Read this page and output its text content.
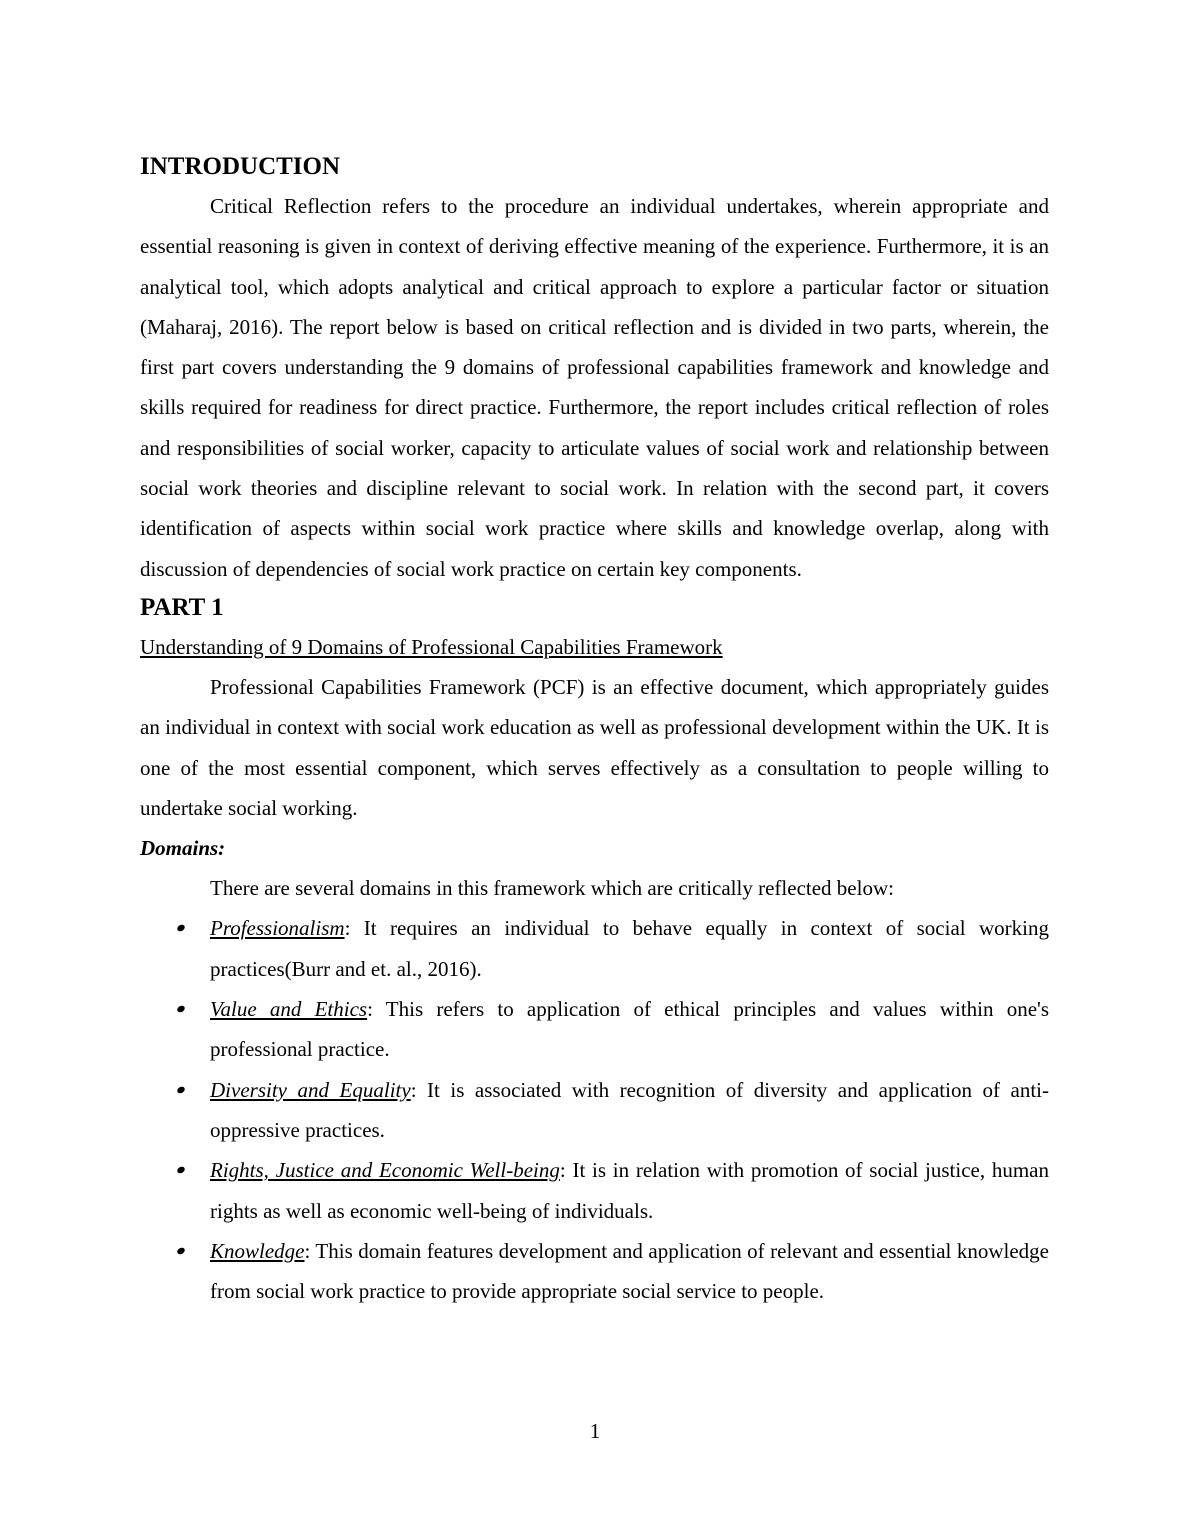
INTRODUCTION

Critical Reflection refers to the procedure an individual undertakes, wherein appropriate and essential reasoning is given in context of deriving effective meaning of the experience. Furthermore, it is an analytical tool, which adopts analytical and critical approach to explore a particular factor or situation (Maharaj, 2016). The report below is based on critical reflection and is divided in two parts, wherein, the first part covers understanding the 9 domains of professional capabilities framework and knowledge and skills required for readiness for direct practice. Furthermore, the report includes critical reflection of roles and responsibilities of social worker, capacity to articulate values of social work and relationship between social work theories and discipline relevant to social work. In relation with the second part, it covers identification of aspects within social work practice where skills and knowledge overlap, along with discussion of dependencies of social work practice on certain key components.

PART 1

Understanding of 9 Domains of Professional Capabilities Framework

Professional Capabilities Framework (PCF) is an effective document, which appropriately guides an individual in context with social work education as well as professional development within the UK. It is one of the most essential component, which serves effectively as a consultation to people willing to undertake social working.

Domains:

There are several domains in this framework which are critically reflected below:

Professionalism: It requires an individual to behave equally in context of social working practices(Burr and et. al., 2016).
Value and Ethics: This refers to application of ethical principles and values within one's professional practice.
Diversity and Equality: It is associated with recognition of diversity and application of anti-oppressive practices.
Rights, Justice and Economic Well-being: It is in relation with promotion of social justice, human rights as well as economic well-being of individuals.
Knowledge: This domain features development and application of relevant and essential knowledge from social work practice to provide appropriate social service to people.
1
